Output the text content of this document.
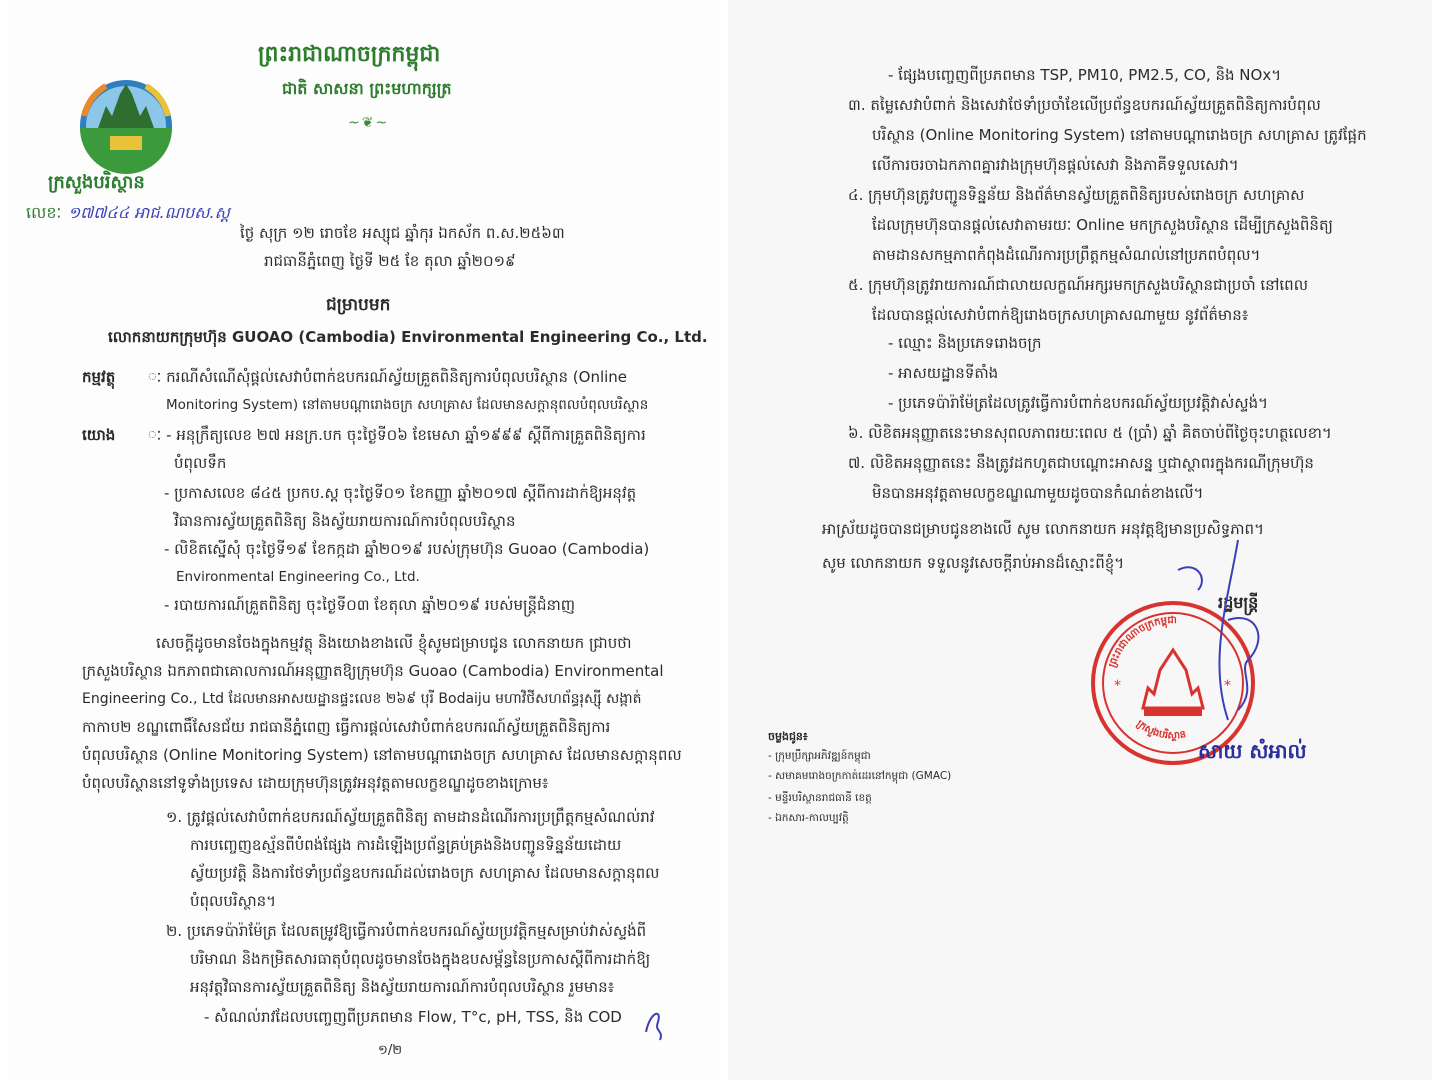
ព្រះរាជាណាចក្រកម្ពុជា
ជាតិ សាសនា ព្រះមហាក្សត្រ
~❦~
ក្រសួងបរិស្ថាន
លេខៈ ១៧៧៤៤ អាជ.ណបស.ស្ត
ថ្ងៃ សុក្រ ១២ រោចខែ អស្សុជ ឆ្នាំកុរ ឯកស័ក ព.ស.២៥៦៣
រាជធានីភ្នំពេញ ថ្ងៃទី ២៥ ខែ តុលា ឆ្នាំ២០១៩
ជម្រាបមក
លោកនាយកក្រុមហ៊ុន GUOAO (Cambodia) Environmental Engineering Co., Ltd.
កម្មវត្ថុ ៈ ករណីសំណើសុំផ្តល់សេវាបំពាក់ឧបករណ៍ស្វ័យគ្រួតពិនិត្យការបំពុលបរិស្ថាន (Online
Monitoring System) នៅតាមបណ្តារោងចក្រ សហគ្រាស ដែលមានសក្តានុពលបំពុលបរិស្ថាន
យោង ៈ - អនុក្រឹត្យលេខ ២៧ អនក្រ.បក ចុះថ្ងៃទី០៦ ខែមេសា ឆ្នាំ១៩៩៩ ស្តីពីការគ្រួតពិនិត្យការ
បំពុលទឹក
- ប្រកាសលេខ ៨៤៥ ប្រកប.ស្ត ចុះថ្ងៃទី០១ ខែកញ្ញា ឆ្នាំ២០១៧ ស្តីពីការដាក់ឱ្យអនុវត្ត
វិធានការស្វ័យគ្រួតពិនិត្យ និងស្វ័យរាយការណ៍ការបំពុលបរិស្ថាន
- លិខិតស្នើសុំ ចុះថ្ងៃទី១៩ ខែកក្កដា ឆ្នាំ២០១៩ របស់ក្រុមហ៊ុន Guoao (Cambodia)
Environmental Engineering Co., Ltd.
- របាយការណ៍គ្រួតពិនិត្យ ចុះថ្ងៃទី០៣ ខែតុលា ឆ្នាំ២០១៩ របស់មន្ត្រីជំនាញ
សេចក្តីដូចមានចែងក្នុងកម្មវត្ថុ និងយោងខាងលើ ខ្ញុំសូមជម្រាបជូន លោកនាយក ជ្រាបថា
ក្រសួងបរិស្ថាន ឯកភាពជាគោលការណ៍អនុញ្ញាតឱ្យក្រុមហ៊ុន Guoao (Cambodia) Environmental
Engineering Co., Ltd ដែលមានអាសយដ្ឋានផ្ទះលេខ ២៦៩ បុរី Bodaiju មហាវិថីសហព័ន្ធរុស្ស៊ី សង្កាត់
កាកាប២ ខណ្ឌពោធិ៍សែនជ័យ រាជធានីភ្នំពេញ ធ្វើការផ្តល់សេវាបំពាក់ឧបករណ៍ស្វ័យគ្រួតពិនិត្យការ
បំពុលបរិស្ថាន (Online Monitoring System) នៅតាមបណ្តារោងចក្រ សហគ្រាស ដែលមានសក្តានុពល
បំពុលបរិស្ថាននៅទូទាំងប្រទេស ដោយក្រុមហ៊ុនត្រូវអនុវត្តតាមលក្ខខណ្ឌដូចខាងក្រោម៖
១. ត្រូវផ្តល់សេវាបំពាក់ឧបករណ៍ស្វ័យគ្រួតពិនិត្យ តាមដានដំណើរការប្រព្រឹត្តកម្មសំណល់រាវ
ការបញ្ចេញឧស្ម័នពីបំពង់ផ្សែង ការដំឡើងប្រព័ន្ធគ្រប់គ្រងនិងបញ្ជូនទិន្នន័យដោយ
ស្វ័យប្រវត្តិ និងការថែទាំប្រព័ន្ធឧបករណ៍ដល់រោងចក្រ សហគ្រាស ដែលមានសក្តានុពល
បំពុលបរិស្ថាន។
២. ប្រភេទប៉ារ៉ាម៉ែត្រ ដែលតម្រូវឱ្យធ្វើការបំពាក់ឧបករណ៍ស្វ័យប្រវត្តិកម្មសម្រាប់វាស់ស្ទង់ពី
បរិមាណ និងកម្រិតសារធាតុបំពុលដូចមានចែងក្នុងឧបសម្ព័ន្ធនៃប្រកាសស្តីពីការដាក់ឱ្យ
អនុវត្តវិធានការស្វ័យគ្រួតពិនិត្យ និងស្វ័យរាយការណ៍ការបំពុលបរិស្ថាន រួមមាន៖
- សំណល់រាវដែលបញ្ចេញពីប្រភពមាន Flow, T°c, pH, TSS, និង COD
១/២
- ផ្សែងបញ្ចេញពីប្រភពមាន TSP, PM10, PM2.5, CO, និង NOx។
៣. តម្លៃសេវាបំពាក់ និងសេវាថែទាំប្រចាំខែលើប្រព័ន្ធឧបករណ៍ស្វ័យគ្រួតពិនិត្យការបំពុល
បរិស្ថាន (Online Monitoring System) នៅតាមបណ្តារោងចក្រ សហគ្រាស ត្រូវផ្អែក
លើការចរចាឯកភាពគ្នារវាងក្រុមហ៊ុនផ្តល់សេវា និងភាគីទទួលសេវា។
៤. ក្រុមហ៊ុនត្រូវបញ្ជូនទិន្នន័យ និងព័ត៌មានស្វ័យគ្រួតពិនិត្យរបស់រោងចក្រ សហគ្រាស
ដែលក្រុមហ៊ុនបានផ្តល់សេវាតាមរយៈ Online មកក្រសួងបរិស្ថាន ដើម្បីក្រសួងពិនិត្យ
តាមដានសកម្មភាពកំពុងដំណើរការប្រព្រឹត្តកម្មសំណល់នៅប្រភពបំពុល។
៥. ក្រុមហ៊ុនត្រូវរាយការណ៍ជាលាយលក្ខណ៍អក្សរមកក្រសួងបរិស្ថានជាប្រចាំ នៅពេល
ដែលបានផ្តល់សេវាបំពាក់ឱ្យរោងចក្រសហគ្រាសណាមួយ នូវព័ត៌មាន៖
- ឈ្មោះ និងប្រភេទរោងចក្រ
- អាសយដ្ឋានទីតាំង
- ប្រភេទប៉ារ៉ាម៉ែត្រដែលត្រូវធ្វើការបំពាក់ឧបករណ៍ស្វ័យប្រវត្តិវាស់ស្ទង់។
៦. លិខិតអនុញ្ញាតនេះមានសុពលភាពរយៈពេល ៥ (ប្រាំ) ឆ្នាំ គិតចាប់ពីថ្ងៃចុះហត្ថលេខា។
៧. លិខិតអនុញ្ញាតនេះ នឹងត្រូវដកហូតជាបណ្តោះអាសន្ន ឬជាស្ថាពរក្នុងករណីក្រុមហ៊ុន
មិនបានអនុវត្តតាមលក្ខខណ្ឌណាមួយដូចបានកំណត់ខាងលើ។
អាស្រ័យដូចបានជម្រាបជូនខាងលើ សូម លោកនាយក អនុវត្តឱ្យមានប្រសិទ្ធភាព។
សូម លោកនាយក ទទួលនូវសេចក្តីរាប់អានដ៏ស្មោះពីខ្ញុំ។
រដ្ឋមន្ត្រី
ព្រះរាជាណាចក្រកម្ពុជា
ក្រសួងបរិស្ថាន
*	*
សាយ សំអាល់
ចម្លងជូន៖
- ក្រុមប្រឹក្សាអភិវឌ្ឍន៍កម្ពុជា
- សមាគមរោងចក្រកាត់ដេរនៅកម្ពុជា (GMAC)
- មន្ទីរបរិស្ថានរាជធានី ខេត្ត
- ឯកសារ-កាលប្បវត្តិ
